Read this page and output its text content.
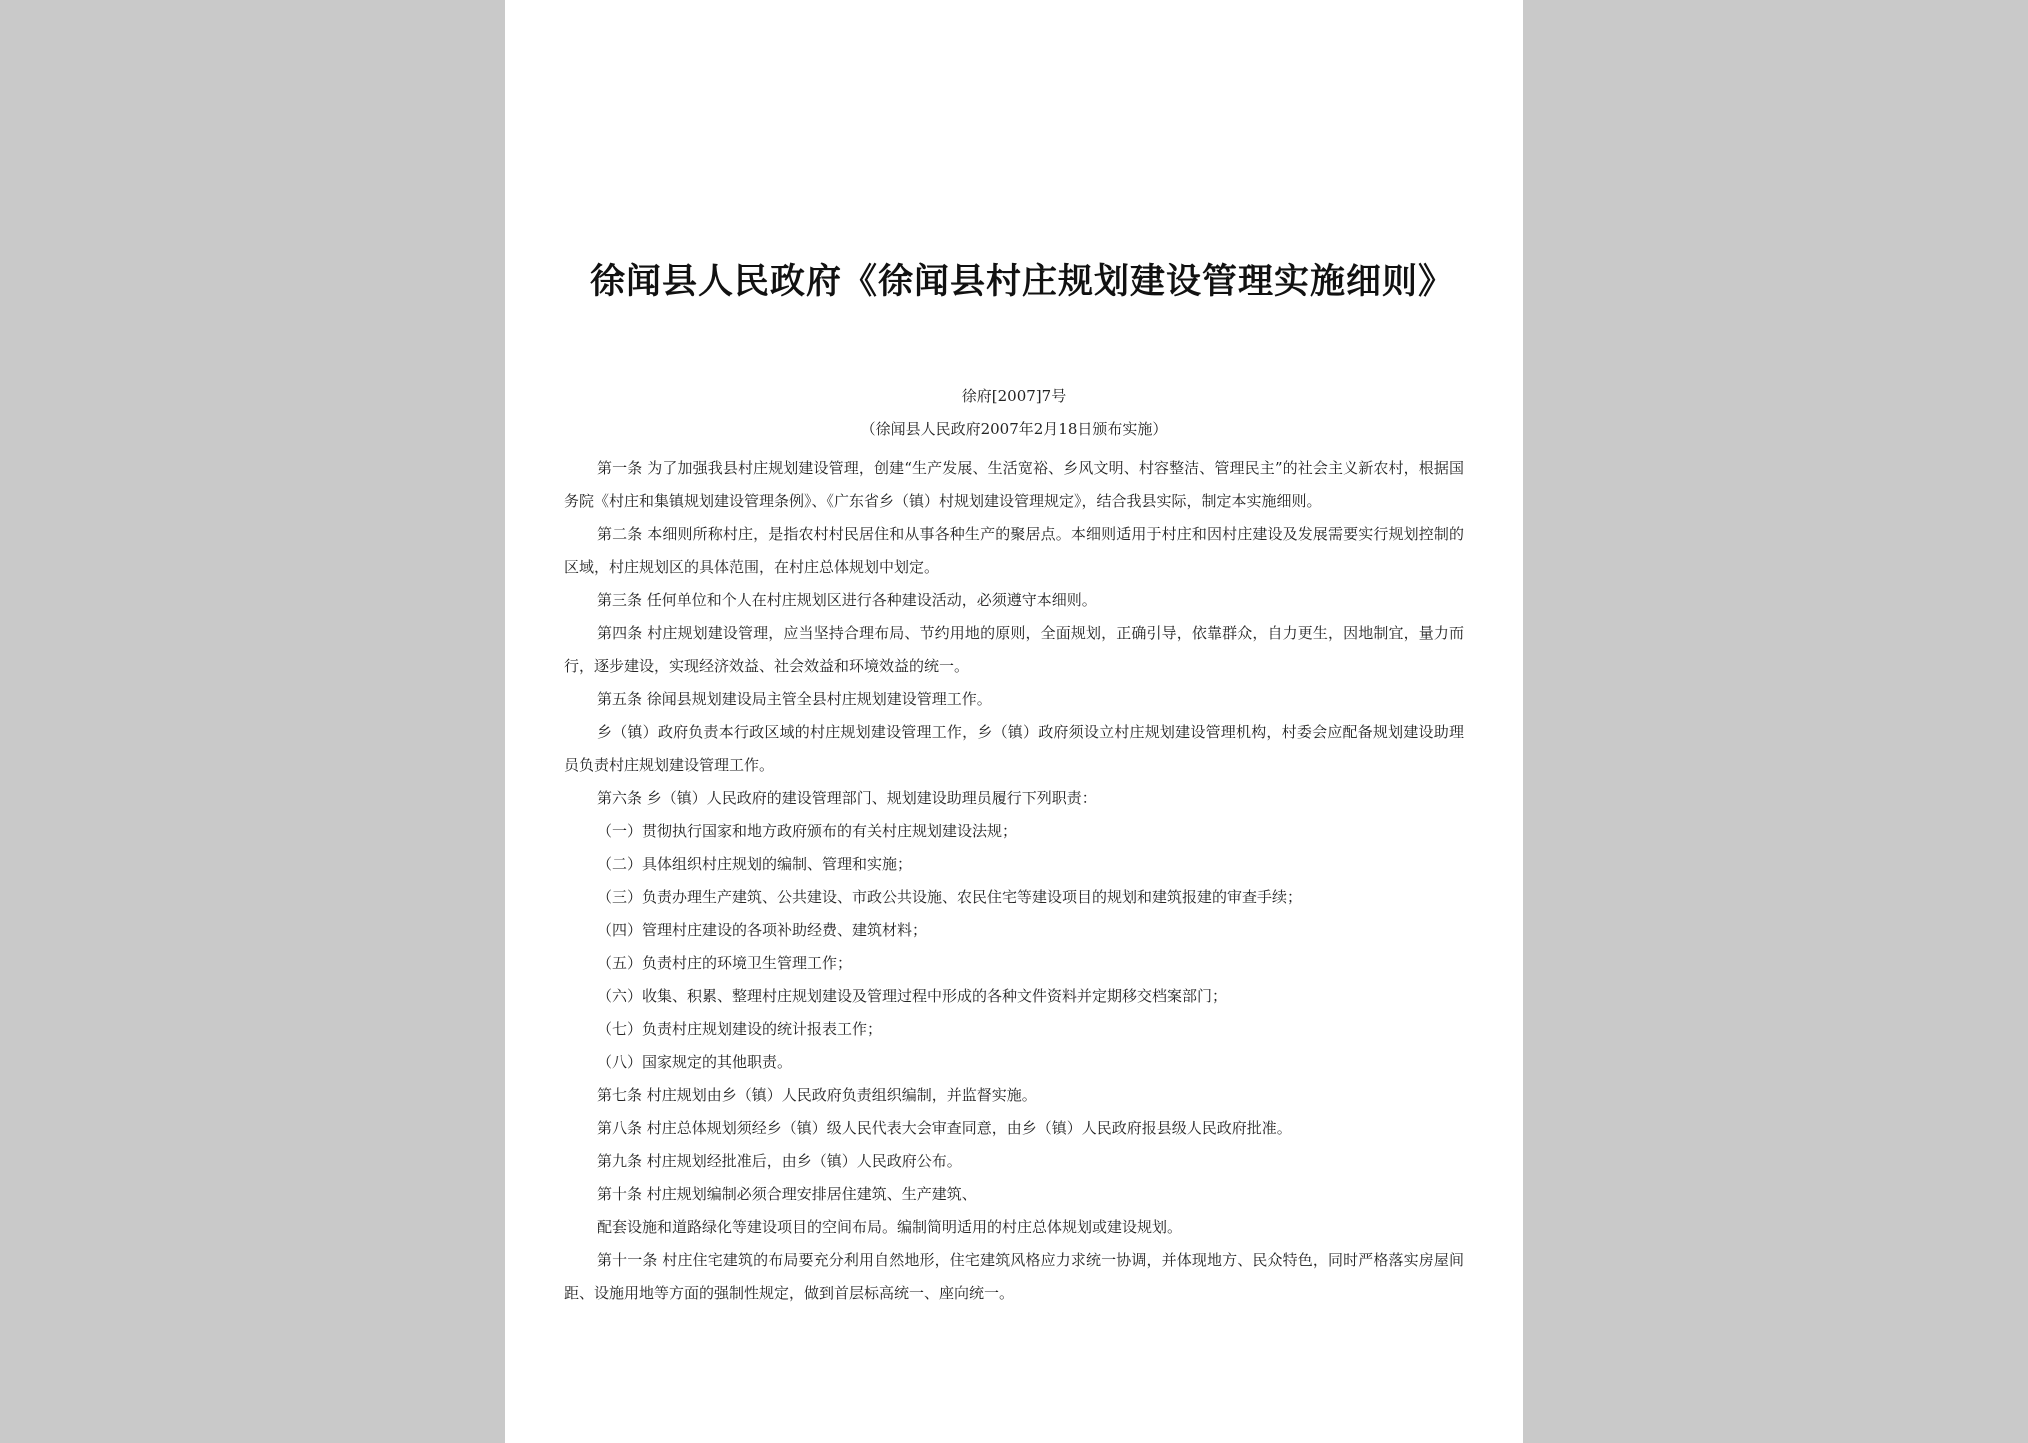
徐闻县人民政府《徐闻县村庄规划建设管理实施细则》
徐府[2007]7号
（徐闻县人民政府2007年2月18日颁布实施）

第一条 为了加强我县村庄规划建设管理，创建“生产发展、生活宽裕、乡风文明、村容整洁、管理民主”的社会主义新农村，根据国务院《村庄和集镇规划建设管理条例》、《广东省乡（镇）村规划建设管理规定》，结合我县实际，制定本实施细则。

第二条 本细则所称村庄，是指农村村民居住和从事各种生产的聚居点。本细则适用于村庄和因村庄建设及发展需要实行规划控制的区域，村庄规划区的具体范围，在村庄总体规划中划定。

第三条 任何单位和个人在村庄规划区进行各种建设活动，必须遵守本细则。

第四条 村庄规划建设管理，应当坚持合理布局、节约用地的原则，全面规划，正确引导，依靠群众，自力更生，因地制宜，量力而行，逐步建设，实现经济效益、社会效益和环境效益的统一。

第五条 徐闻县规划建设局主管全县村庄规划建设管理工作。

乡（镇）政府负责本行政区域的村庄规划建设管理工作，乡（镇）政府须设立村庄规划建设管理机构，村委会应配备规划建设助理员负责村庄规划建设管理工作。

第六条 乡（镇）人民政府的建设管理部门、规划建设助理员履行下列职责：

（一）贯彻执行国家和地方政府颁布的有关村庄规划建设法规；

（二）具体组织村庄规划的编制、管理和实施；

（三）负责办理生产建筑、公共建设、市政公共设施、农民住宅等建设项目的规划和建筑报建的审查手续；

（四）管理村庄建设的各项补助经费、建筑材料；

（五）负责村庄的环境卫生管理工作；

（六）收集、积累、整理村庄规划建设及管理过程中形成的各种文件资料并定期移交档案部门；

（七）负责村庄规划建设的统计报表工作；

（八）国家规定的其他职责。

第七条 村庄规划由乡（镇）人民政府负责组织编制，并监督实施。

第八条 村庄总体规划须经乡（镇）级人民代表大会审查同意，由乡（镇）人民政府报县级人民政府批准。

第九条 村庄规划经批准后，由乡（镇）人民政府公布。

第十条 村庄规划编制必须合理安排居住建筑、生产建筑、

配套设施和道路绿化等建设项目的空间布局。编制简明适用的村庄总体规划或建设规划。

第十一条 村庄住宅建筑的布局要充分利用自然地形，住宅建筑风格应力求统一协调，并体现地方、民众特色，同时严格落实房屋间距、设施用地等方面的强制性规定，做到首层标高统一、座向统一。
